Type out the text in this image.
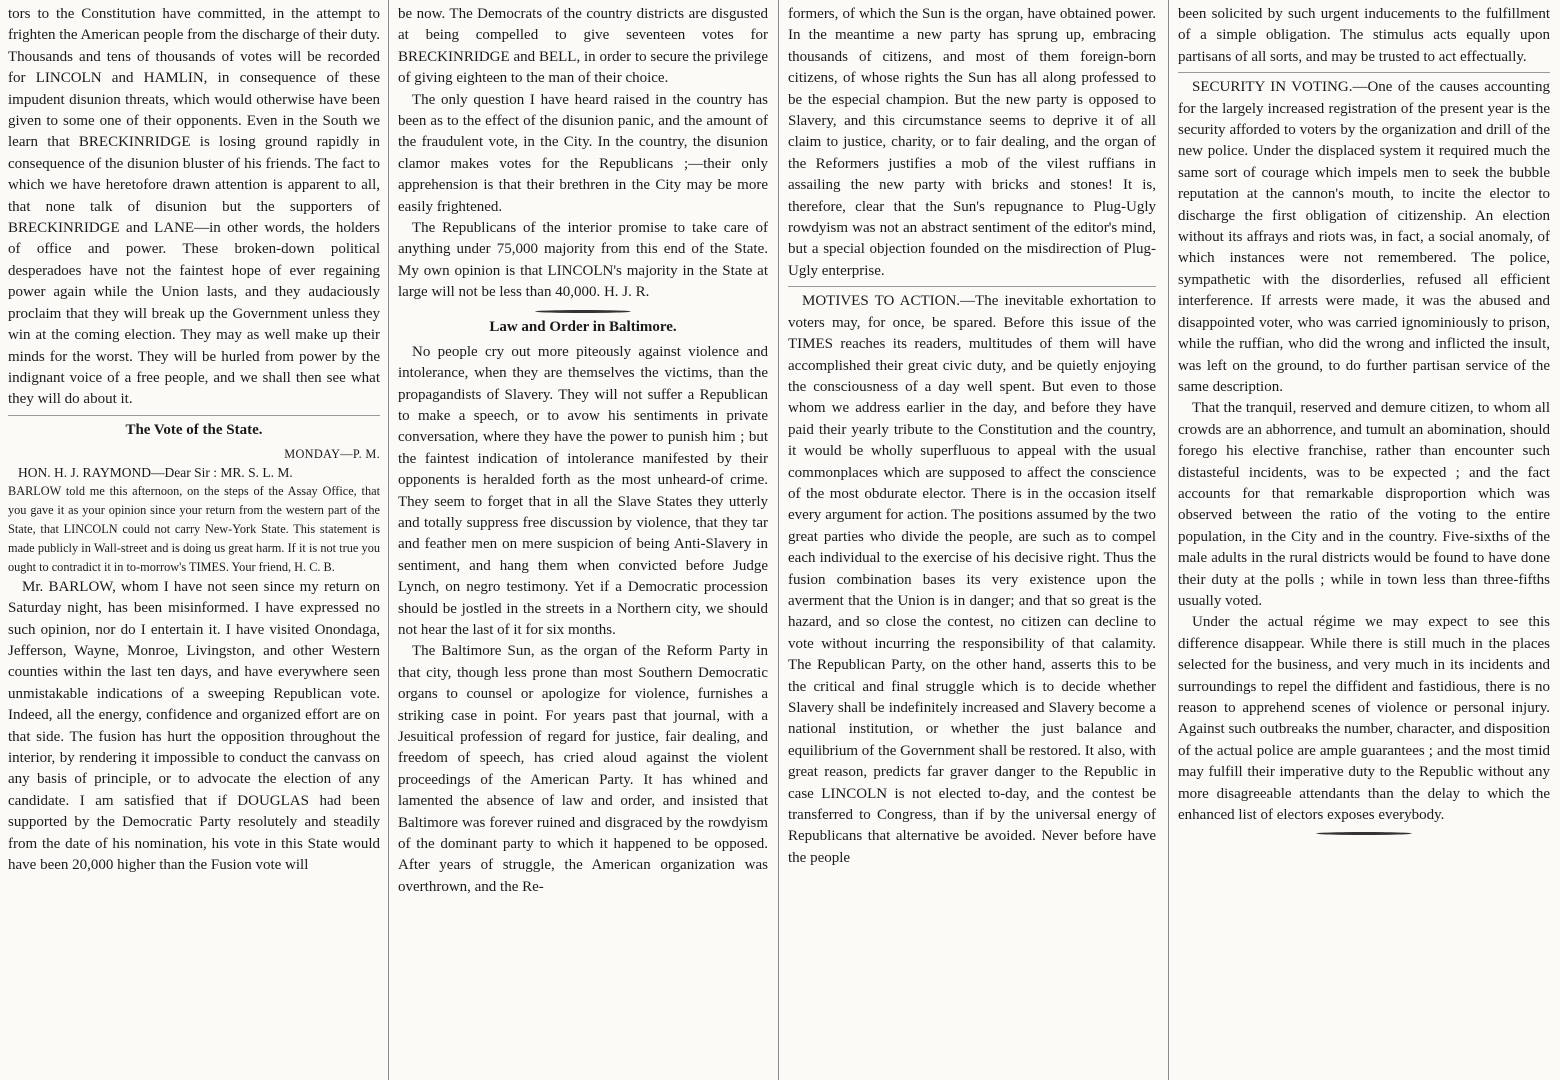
tors to the Constitution have committed, in the attempt to frighten the American people from the discharge of their duty. Thousands and tens of thousands of votes will be recorded for LINCOLN and HAMLIN, in consequence of these impudent disunion threats, which would otherwise have been given to some one of their opponents. Even in the South we learn that BRECKINRIDGE is losing ground rapidly in consequence of the disunion bluster of his friends. The fact to which we have heretofore drawn attention is apparent to all, that none talk of disunion but the supporters of BRECKINRIDGE and LANE—in other words, the holders of office and power. These broken-down political desperadoes have not the faintest hope of ever regaining power again while the Union lasts, and they audaciously proclaim that they will break up the Government unless they win at the coming election. They may as well make up their minds for the worst. They will be hurled from power by the indignant voice of a free people, and we shall then see what they will do about it.

The Vote of the State.
MONDAY—P. M.

HON. H. J. RAYMOND—Dear Sir : MR. S. L. M.

BARLOW told me this afternoon, on the steps of the Assay Office, that you gave it as your opinion since your return from the western part of the State, that LINCOLN could not carry New-York State. This statement is made publicly in Wall-street and is doing us great harm. If it is not true you ought to contradict it in to-morrow's TIMES. Your friend, H. C. B.

Mr. BARLOW, whom I have not seen since my return on Saturday night, has been misinformed. I have expressed no such opinion, nor do I entertain it. I have visited Onondaga, Jefferson, Wayne, Monroe, Livingston, and other Western counties within the last ten days, and have everywhere seen unmistakable indications of a sweeping Republican vote. Indeed, all the energy, confidence and organized effort are on that side. The fusion has hurt the opposition throughout the interior, by rendering it impossible to conduct the canvass on any basis of principle, or to advocate the election of any candidate. I am satisfied that if DOUGLAS had been supported by the Democratic Party resolutely and steadily from the date of his nomination, his vote in this State would have been 20,000 higher than the Fusion vote will

be now. The Democrats of the country districts are disgusted at being compelled to give seventeen votes for BRECKINRIDGE and BELL, in order to secure the privilege of giving eighteen to the man of their choice.

The only question I have heard raised in the country has been as to the effect of the disunion panic, and the amount of the fraudulent vote, in the City. In the country, the disunion clamor makes votes for the Republicans ;—their only apprehension is that their brethren in the City may be more easily frightened.

The Republicans of the interior promise to take care of anything under 75,000 majority from this end of the State. My own opinion is that LINCOLN's majority in the State at large will not be less than 40,000. H. J. R.

Law and Order in Baltimore.

No people cry out more piteously against violence and intolerance, when they are themselves the victims, than the propagandists of Slavery. They will not suffer a Republican to make a speech, or to avow his sentiments in private conversation, where they have the power to punish him ; but the faintest indication of intolerance manifested by their opponents is heralded forth as the most unheard-of crime. They seem to forget that in all the Slave States they utterly and totally suppress free discussion by violence, that they tar and feather men on mere suspicion of being Anti-Slavery in sentiment, and hang them when convicted before Judge Lynch, on negro testimony. Yet if a Democratic procession should be jostled in the streets in a Northern city, we should not hear the last of it for six months.

The Baltimore Sun, as the organ of the Reform Party in that city, though less prone than most Southern Democratic organs to counsel or apologize for violence, furnishes a striking case in point. For years past that journal, with a Jesuitical profession of regard for justice, fair dealing, and freedom of speech, has cried aloud against the violent proceedings of the American Party. It has whined and lamented the absence of law and order, and insisted that Baltimore was forever ruined and disgraced by the rowdyism of the dominant party to which it happened to be opposed. After years of struggle, the American organization was overthrown, and the Re-

formers, of which the Sun is the organ, have obtained power. In the meantime a new party has sprung up, embracing thousands of citizens, and most of them foreign-born citizens, of whose rights the Sun has all along professed to be the especial champion. But the new party is opposed to Slavery, and this circumstance seems to deprive it of all claim to justice, charity, or to fair dealing, and the organ of the Reformers justifies a mob of the vilest ruffians in assailing the new party with bricks and stones! It is, therefore, clear that the Sun's repugnance to Plug-Ugly rowdyism was not an abstract sentiment of the editor's mind, but a special objection founded on the misdirection of Plug-Ugly enterprise.

MOTIVES TO ACTION.—The inevitable exhortation to voters may, for once, be spared. Before this issue of the TIMES reaches its readers, multitudes of them will have accomplished their great civic duty, and be quietly enjoying the consciousness of a day well spent. But even to those whom we address earlier in the day, and before they have paid their yearly tribute to the Constitution and the country, it would be wholly superfluous to appeal with the usual commonplaces which are supposed to affect the conscience of the most obdurate elector. There is in the occasion itself every argument for action. The positions assumed by the two great parties who divide the people, are such as to compel each individual to the exercise of his decisive right. Thus the fusion combination bases its very existence upon the averment that the Union is in danger; and that so great is the hazard, and so close the contest, no citizen can decline to vote without incurring the responsibility of that calamity. The Republican Party, on the other hand, asserts this to be the critical and final struggle which is to decide whether Slavery shall be indefinitely increased and Slavery become a national institution, or whether the just balance and equilibrium of the Government shall be restored. It also, with great reason, predicts far graver danger to the Republic in case LINCOLN is not elected to-day, and the contest be transferred to Congress, than if by the universal energy of Republicans that alternative be avoided. Never before have the people

been solicited by such urgent inducements to the fulfillment of a simple obligation. The stimulus acts equally upon partisans of all sorts, and may be trusted to act effectually.

SECURITY IN VOTING.—One of the causes accounting for the largely increased registration of the present year is the security afforded to voters by the organization and drill of the new police. Under the displaced system it required much the same sort of courage which impels men to seek the bubble reputation at the cannon's mouth, to incite the elector to discharge the first obligation of citizenship. An election without its affrays and riots was, in fact, a social anomaly, of which instances were not remembered. The police, sympathetic with the disorderlies, refused all efficient interference. If arrests were made, it was the abused and disappointed voter, who was carried ignominiously to prison, while the ruffian, who did the wrong and inflicted the insult, was left on the ground, to do further partisan service of the same description.

That the tranquil, reserved and demure citizen, to whom all crowds are an abhorrence, and tumult an abomination, should forego his elective franchise, rather than encounter such distasteful incidents, was to be expected ; and the fact accounts for that remarkable disproportion which was observed between the ratio of the voting to the entire population, in the City and in the country. Five-sixths of the male adults in the rural districts would be found to have done their duty at the polls ; while in town less than three-fifths usually voted.

Under the actual régime we may expect to see this difference disappear. While there is still much in the places selected for the business, and very much in its incidents and surroundings to repel the diffident and fastidious, there is no reason to apprehend scenes of violence or personal injury. Against such outbreaks the number, character, and disposition of the actual police are ample guarantees ; and the most timid may fulfill their imperative duty to the Republic without any more disagreeable attendants than the delay to which the enhanced list of electors exposes everybody.
